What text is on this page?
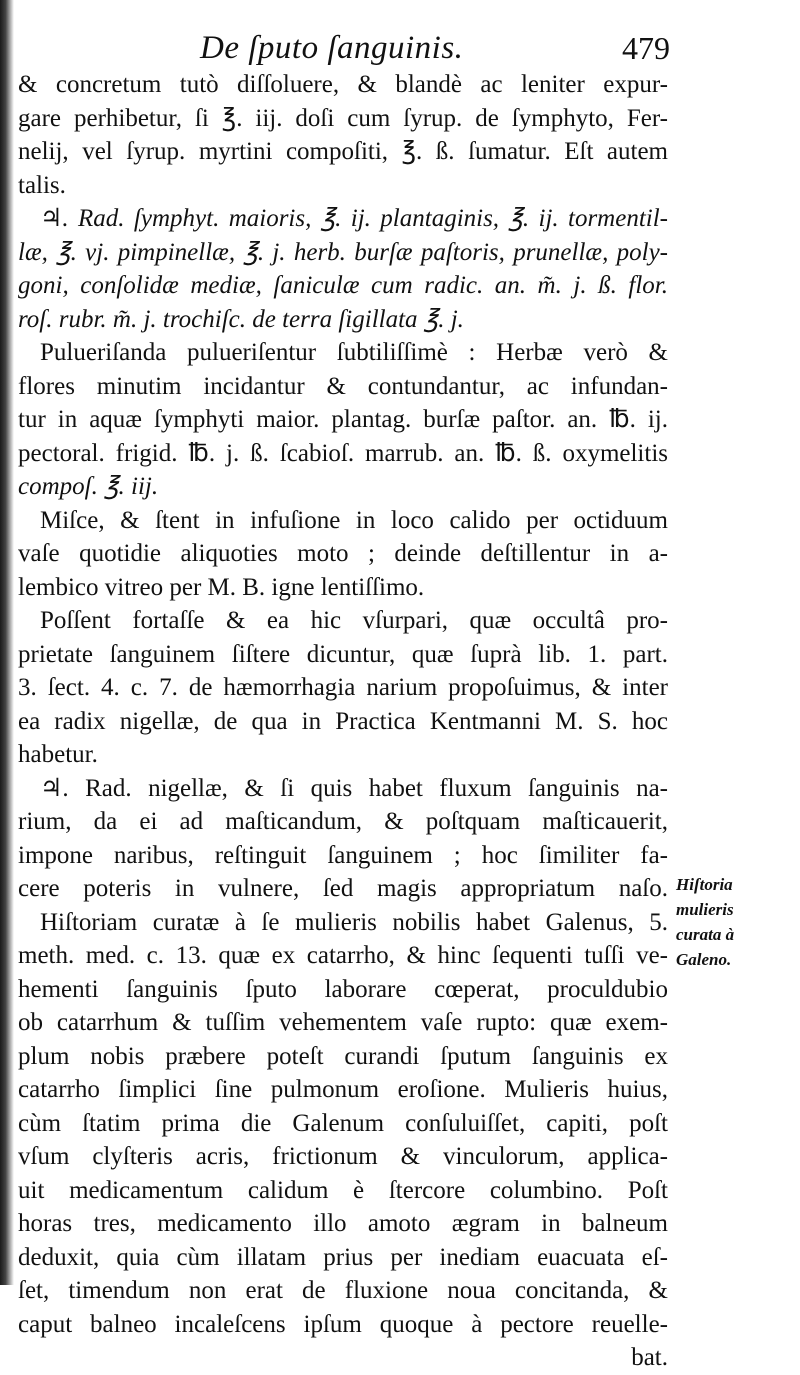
De ſputo ſanguinis.	479
& concretum tutò diſſoluere, & blandè ac leniter expur-
gare perhibetur, ſi ℥. iij. doſi cum ſyrup. de ſymphyto, Fer-
nelij, vel ſyrup. myrtini compoſiti, ℥. ß. ſumatur. Eſt autem
talis.
♃. Rad. ſymphyt. maioris, ℥. ij. plantaginis, ℥. ij. tormentil-
læ, ℥. vj. pimpinellæ, ℥. j. herb. burſæ paſtoris, prunellæ, poly-
goni, conſolidæ mediæ, ſaniculæ cum radic. an. m̃. j. ß. flor.
roſ. rubr. m̃. j. trochiſc. de terra ſigillata ℥. j.
Pulueriſanda pulueriſentur ſubtiliſſimè : Herbæ verò &
flores minutim incidantur & contundantur, ac infundan-
tur in aquæ ſymphyti maior. plantag. burſæ paſtor. an. ℔. ij.
pectoral. frigid. ℔. j. ß. ſcabioſ. marrub. an. ℔. ß. oxymelitis
compoſ. ℥. iij.
Miſce, & ſtent in infuſione in loco calido per octiduum
vaſe quotidie aliquoties moto ; deinde deſtillentur in a-
lembico vitreo per M. B. igne lentiſſimo.
Poſſent fortaſſe & ea hic vſurpari, quæ occultâ pro-
prietate ſanguinem ſiſtere dicuntur, quæ ſuprà lib. 1. part.
3. ſect. 4. c. 7. de hæmorrhagia narium propoſuimus, & inter
ea radix nigellæ, de qua in Practica Kentmanni M. S. hoc
habetur.
♃. Rad. nigellæ, & ſi quis habet fluxum ſanguinis na-
rium, da ei ad maſticandum, & poſtquam maſticauerit,
impone naribus, reſtinguit ſanguinem ; hoc ſimiliter fa-
cere poteris in vulnere, ſed magis appropriatum naſo.
Hiſtoriam curatæ à ſe mulieris nobilis habet Galenus, 5.
meth. med. c. 13. quæ ex catarrho, & hinc ſequenti tuſſi ve-
hementi ſanguinis ſputo laborare cœperat, proculdubio
ob catarrhum & tuſſim vehementem vaſe rupto: quæ exem-
plum nobis præbere poteſt curandi ſputum ſanguinis ex
catarrho ſimplici ſine pulmonum eroſione. Mulieris huius,
cùm ſtatim prima die Galenum conſuluiſſet, capiti, poſt
vſum clyſteris acris, frictionum & vinculorum, applica-
uit medicamentum calidum è ſtercore columbino. Poſt
horas tres, medicamento illo amoto ægram in balneum
deduxit, quia cùm illatam prius per inediam euacuata eſ-
ſet, timendum non erat de fluxione noua concitanda, &
caput balneo incaleſcens ipſum quoque à pectore reuelle-
bat.
Hiſtoria
mulieris
curata à
Galeno.
